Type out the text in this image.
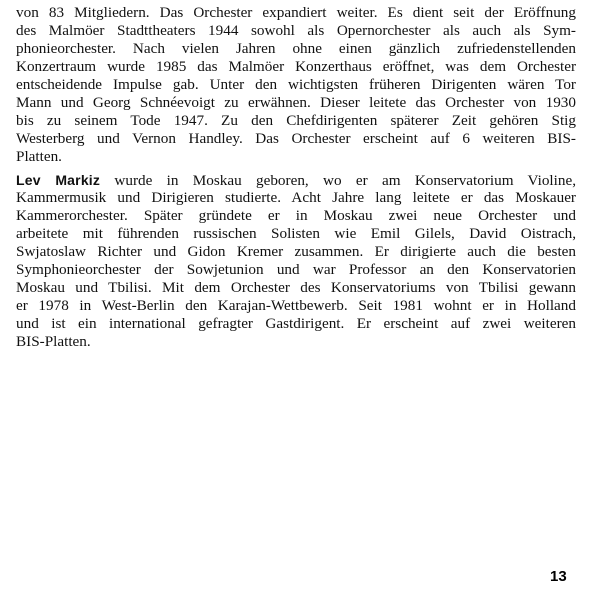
von 83 Mitgliedern. Das Orchester expandiert weiter. Es dient seit der Eröffnung
des Malmöer Stadttheaters 1944 sowohl als Opernorchester als auch als Sym-
phonieorchester. Nach vielen Jahren ohne einen gänzlich zufriedenstellenden
Konzertraum wurde 1985 das Malmöer Konzerthaus eröffnet, was dem Orchester
entscheidende Impulse gab. Unter den wichtigsten früheren Dirigenten wären Tor
Mann und Georg Schnéevoigt zu erwähnen. Dieser leitete das Orchester von 1930
bis zu seinem Tode 1947. Zu den Chefdirigenten späterer Zeit gehören Stig
Westerberg und Vernon Handley. Das Orchester erscheint auf 6 weiteren BIS-
Platten.
Lev Markiz wurde in Moskau geboren, wo er am Konservatorium Violine,
Kammermusik und Dirigieren studierte. Acht Jahre lang leitete er das Moskauer
Kammerorchester. Später gründete er in Moskau zwei neue Orchester und
arbeitete mit führenden russischen Solisten wie Emil Gilels, David Oistrach,
Swjatoslaw Richter und Gidon Kremer zusammen. Er dirigierte auch die besten
Symphonieorchester der Sowjetunion und war Professor an den Konservatorien
Moskau und Tbilisi. Mit dem Orchester des Konservatoriums von Tbilisi gewann
er 1978 in West-Berlin den Karajan-Wettbewerb. Seit 1981 wohnt er in Holland
und ist ein international gefragter Gastdirigent. Er erscheint auf zwei weiteren
BIS-Platten.
13
